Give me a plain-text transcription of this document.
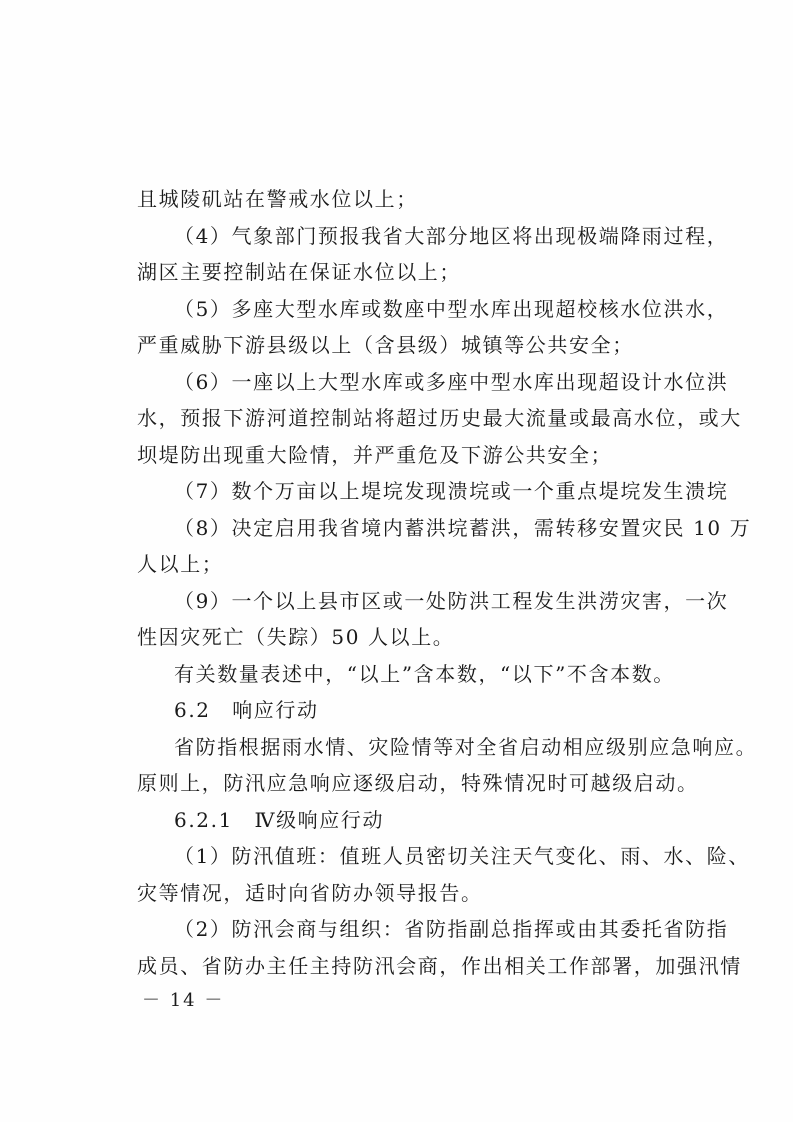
且城陵矶站在警戒水位以上；
（4）气象部门预报我省大部分地区将出现极端降雨过程，
湖区主要控制站在保证水位以上；
（5）多座大型水库或数座中型水库出现超校核水位洪水，
严重威胁下游县级以上（含县级）城镇等公共安全；
（6）一座以上大型水库或多座中型水库出现超设计水位洪
水，预报下游河道控制站将超过历史最大流量或最高水位，或大
坝堤防出现重大险情，并严重危及下游公共安全；
（7）数个万亩以上堤垸发现溃垸或一个重点堤垸发生溃垸
（8）决定启用我省境内蓄洪垸蓄洪，需转移安置灾民 10 万
人以上；
（9）一个以上县市区或一处防洪工程发生洪涝灾害，一次
性因灾死亡（失踪）50 人以上。
有关数量表述中，“以上”含本数，“以下”不含本数。
6.2　响应行动
省防指根据雨水情、灾险情等对全省启动相应级别应急响应。
原则上，防汛应急响应逐级启动，特殊情况时可越级启动。
6.2.1　Ⅳ级响应行动
（1）防汛值班：值班人员密切关注天气变化、雨、水、险、
灾等情况，适时向省防办领导报告。
（2）防汛会商与组织：省防指副总指挥或由其委托省防指
成员、省防办主任主持防汛会商，作出相关工作部署，加强汛情
－ 14 －
